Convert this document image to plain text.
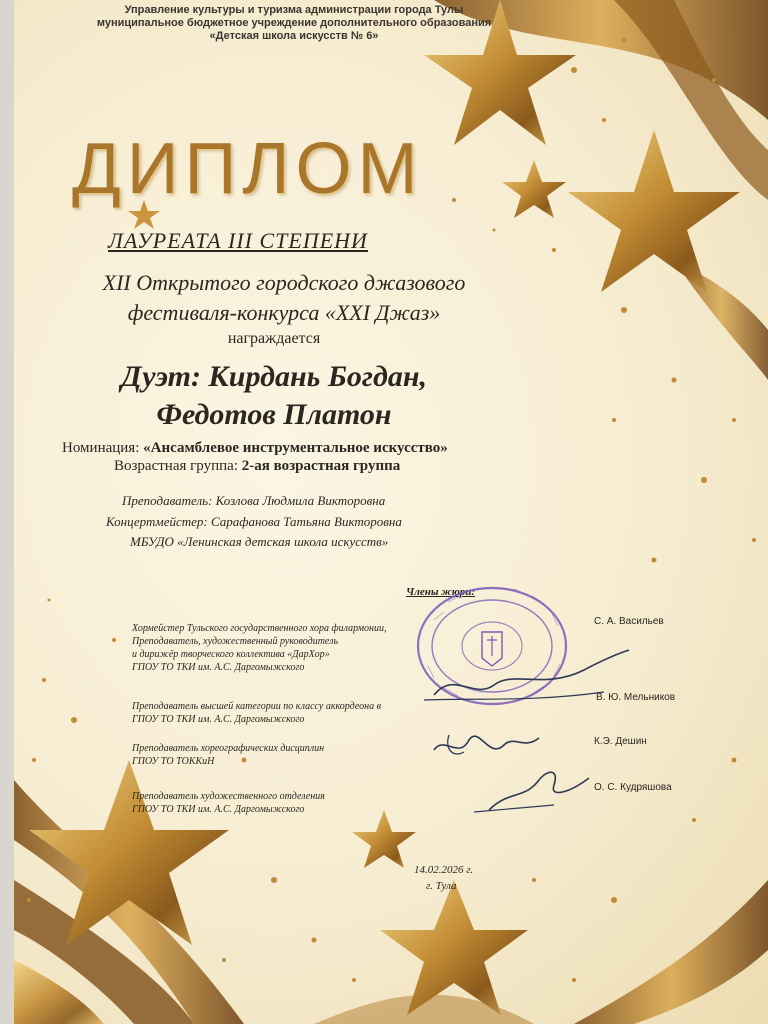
Управление культуры и туризма администрации города Тулы
муниципальное бюджетное учреждение дополнительного образования
«Детская школа искусств № 6»
ДИПЛОМ
ЛАУРЕАТА III СТЕПЕНИ
XII Открытого городского джазового
фестиваля-конкурса «XXI Джаз»
награждается
Дуэт: Кирдань Богдан,
Федотов Платон
Номинация: «Ансамблевое инструментальное искусство»
Возрастная группа: 2-ая возрастная группа
Преподаватель: Козлова Людмила Викторовна
Концертмейстер: Сарафанова Татьяна Викторовна
МБУДО «Ленинская детская школа искусств»
Члены жюри:
Хормейстер Тульского государственного хора филармонии,
Преподаватель, художественный руководитель
и дирижёр творческого коллектива «ДарХор»
ГПОУ ТО ТКИ им. А.С. Даргомыжского
С. А. Васильев
Преподаватель высшей категории по классу аккордеона в
ГПОУ ТО ТКИ им. А.С. Даргомыжского
В. Ю. Мельников
Преподаватель хореографических дисциплин
ГПОУ ТО ТОККиН
К.Э. Дешин
Преподаватель художественного отделения
ГПОУ ТО ТКИ им. А.С. Даргомыжского
О. С. Кудряшова
14.02.2026 г.
г. Тула
